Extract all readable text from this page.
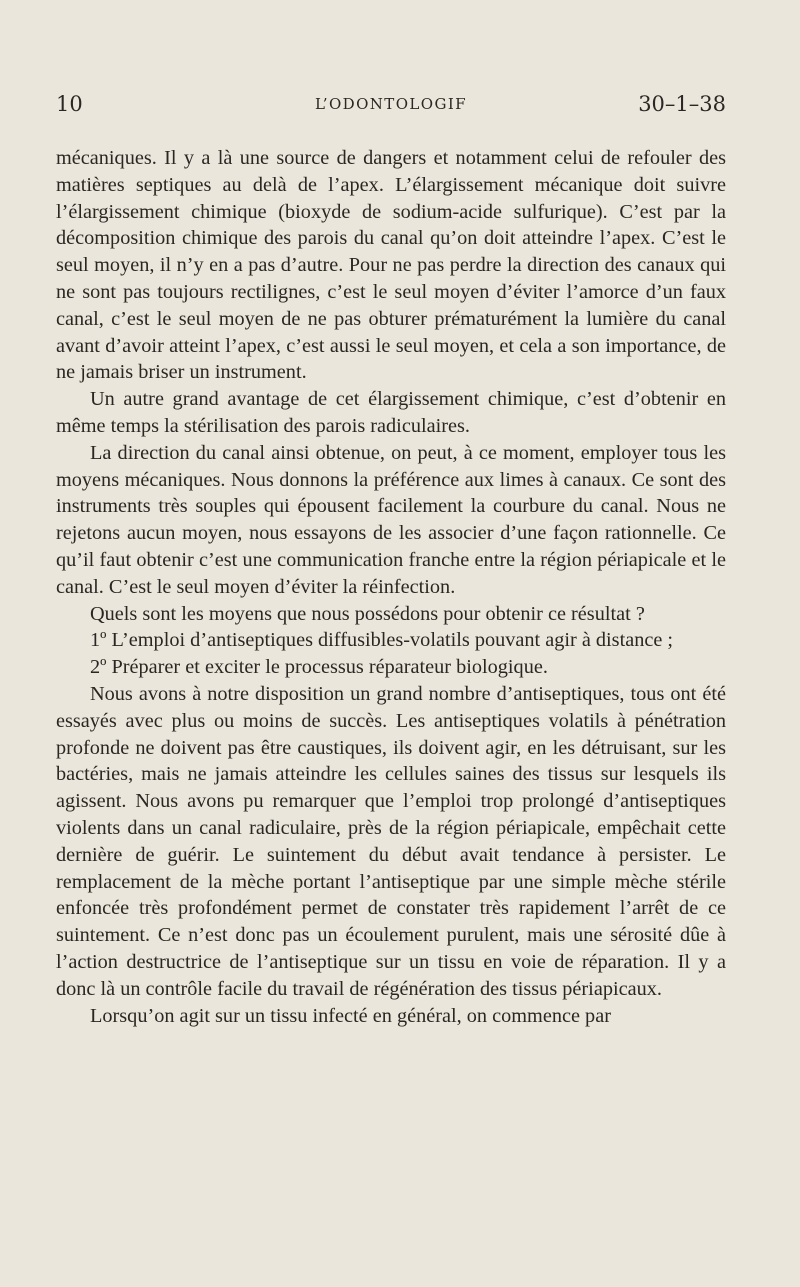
10	L’ODONTOLOGIF	30–1–38

mécaniques. Il y a là une source de dangers et notamment celui de refouler des matières septiques au delà de l’apex. L’élargissement mécanique doit suivre l’élargissement chimique (bioxyde de sodium-acide sulfurique). C’est par la décomposition chimique des parois du canal qu’on doit atteindre l’apex. C’est le seul moyen, il n’y en a pas d’autre. Pour ne pas perdre la direction des canaux qui ne sont pas toujours rectilignes, c’est le seul moyen d’éviter l’amorce d’un faux canal, c’est le seul moyen de ne pas obturer prématurément la lumière du canal avant d’avoir atteint l’apex, c’est aussi le seul moyen, et cela a son importance, de ne jamais briser un instrument.

Un autre grand avantage de cet élargissement chimique, c’est d’obtenir en même temps la stérilisation des parois radiculaires.

La direction du canal ainsi obtenue, on peut, à ce moment, employer tous les moyens mécaniques. Nous donnons la préférence aux limes à canaux. Ce sont des instruments très souples qui épousent facilement la courbure du canal. Nous ne rejetons aucun moyen, nous essayons de les associer d’une façon rationnelle. Ce qu’il faut obtenir c’est une communication franche entre la région périapicale et le canal. C’est le seul moyen d’éviter la réinfection.

Quels sont les moyens que nous possédons pour obtenir ce résultat ?

1º L’emploi d’antiseptiques diffusibles-volatils pouvant agir à distance ;

2º Préparer et exciter le processus réparateur biologique.

Nous avons à notre disposition un grand nombre d’antiseptiques, tous ont été essayés avec plus ou moins de succès. Les antiseptiques volatils à pénétration profonde ne doivent pas être caustiques, ils doivent agir, en les détruisant, sur les bactéries, mais ne jamais atteindre les cellules saines des tissus sur lesquels ils agissent. Nous avons pu remarquer que l’emploi trop prolongé d’antiseptiques violents dans un canal radiculaire, près de la région périapicale, empêchait cette dernière de guérir. Le suintement du début avait tendance à persister. Le remplacement de la mèche portant l’antiseptique par une simple mèche stérile enfoncée très profondément permet de constater très rapidement l’arrêt de ce suintement. Ce n’est donc pas un écoulement purulent, mais une sérosité dûe à l’action destructrice de l’antiseptique sur un tissu en voie de réparation. Il y a donc là un contrôle facile du travail de régénération des tissus périapicaux.

Lorsqu’on agit sur un tissu infecté en général, on commence par
